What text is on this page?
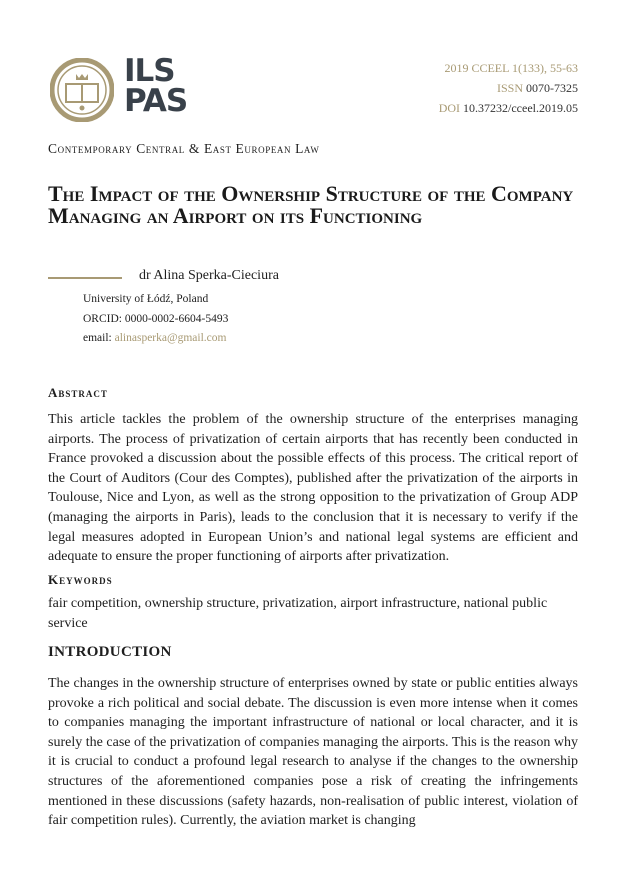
ILS
PAS
2019 CCEEL 1(133), 55-63
ISSN 0070-7325
DOI 10.37232/cceel.2019.05
Contemporary Central & East European Law
The Impact of the Ownership Structure of the Company Managing an Airport on its Functioning
dr Alina Sperka-Cieciura
University of Łódź, Poland
ORCID: 0000-0002-6604-5493
email: alinasperka@gmail.com
Abstract
This article tackles the problem of the ownership structure of the enterprises managing airports. The process of privatization of certain airports that has recently been conducted in France provoked a discussion about the possible effects of this process. The critical report of the Court of Auditors (Cour des Comptes), published after the privatization of the airports in Toulouse, Nice and Lyon, as well as the strong opposition to the privatization of Group ADP (managing the airports in Paris), leads to the conclusion that it is necessary to verify if the legal measures adopted in European Union’s and national legal systems are efficient and adequate to ensure the proper functioning of airports after privatization.
Keywords
fair competition, ownership structure, privatization, airport infrastructure, national public service
INTRODUCTION
The changes in the ownership structure of enterprises owned by state or public entities always provoke a rich political and social debate. The discussion is even more intense when it comes to companies managing the important infrastructure of national or local character, and it is surely the case of the privatization of companies managing the airports. This is the reason why it is crucial to conduct a profound legal research to analyse if the changes to the ownership structures of the aforementioned companies pose a risk of creating the infringements mentioned in these discussions (safety hazards, non-realisation of public interest, violation of fair competition rules). Currently, the aviation market is changing
